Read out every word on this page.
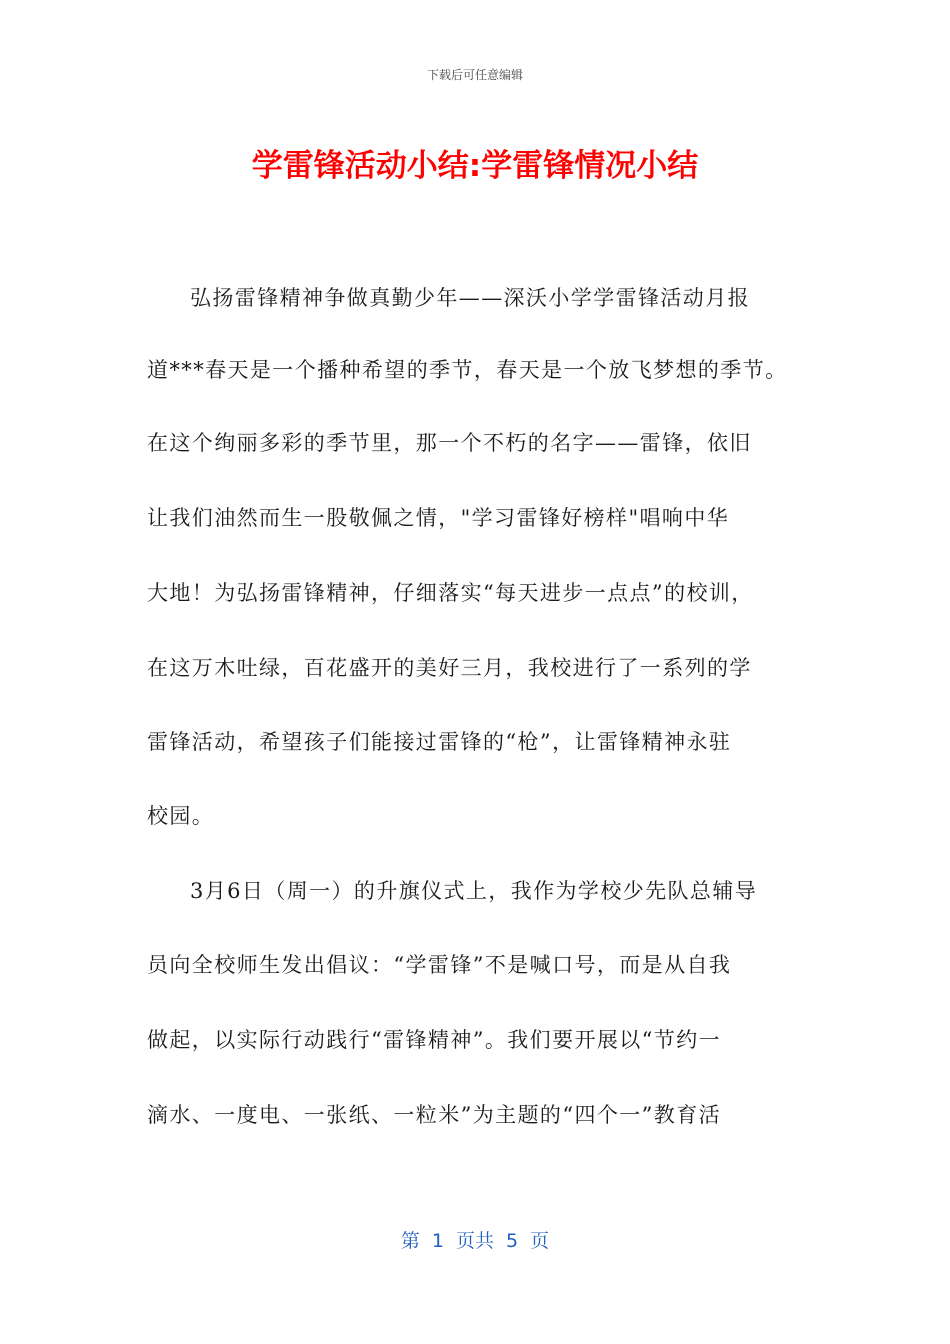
下载后可任意编辑
学雷锋活动小结:学雷锋情况小结
弘扬雷锋精神争做真勤少年——深沃小学学雷锋活动月报
道***春天是一个播种希望的季节，春天是一个放飞梦想的季节。
在这个绚丽多彩的季节里，那一个不朽的名字——雷锋，依旧
让我们油然而生一股敬佩之情，"学习雷锋好榜样"唱响中华
大地！为弘扬雷锋精神，仔细落实“每天进步一点点”的校训，
在这万木吐绿，百花盛开的美好三月，我校进行了一系列的学
雷锋活动，希望孩子们能接过雷锋的“枪”，让雷锋精神永驻
校园。
3月6日（周一）的升旗仪式上，我作为学校少先队总辅导
员向全校师生发出倡议：“学雷锋”不是喊口号，而是从自我
做起，以实际行动践行“雷锋精神”。我们要开展以“节约一
滴水、一度电、一张纸、一粒米”为主题的“四个一”教育活
第 1 页共 5 页
